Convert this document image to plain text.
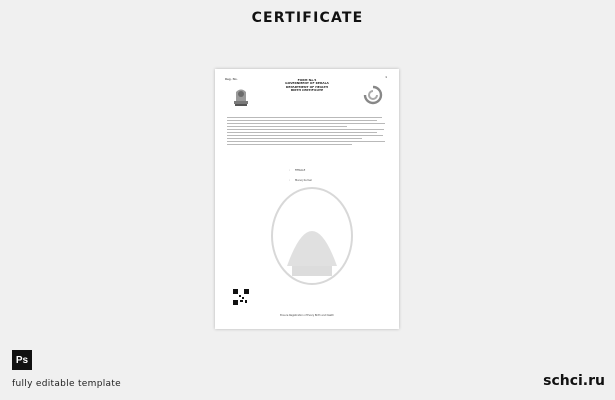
CERTIFICATE
Reg. No.	1
FORM No.5
GOVERNMENT OF KERALA
DEPARTMENT OF HEALTH
BIRTH CERTIFICATE
:	FEMALE
:	Manoj Kumar
Ensure Registration of Every Birth and Death
Ps
fully editable template	schci.ru
